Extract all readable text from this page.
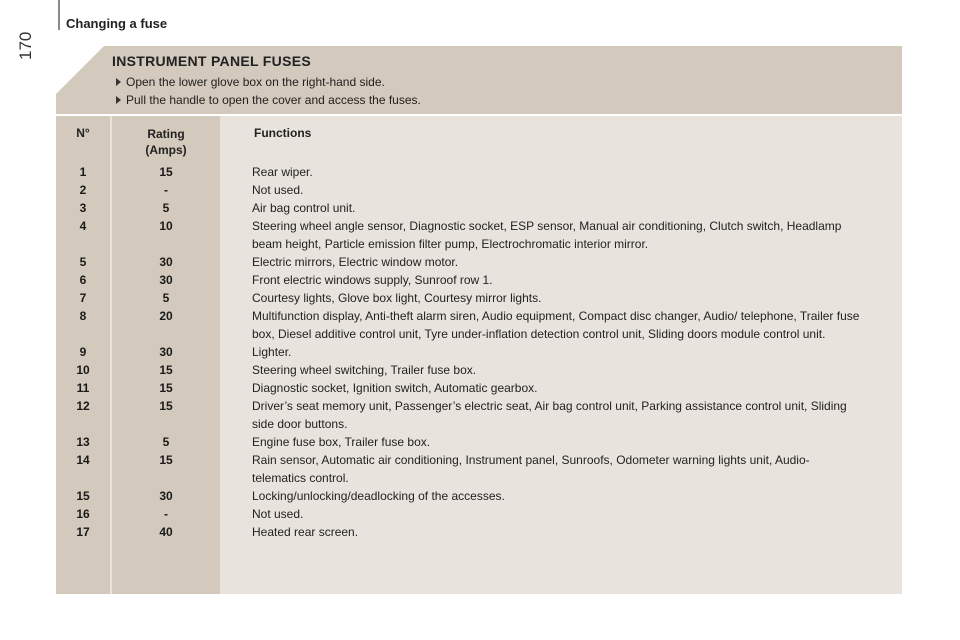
Changing a fuse
170
INSTRUMENT PANEL FUSES
Open the lower glove box on the right-hand side.
Pull the handle to open the cover and access the fuses.
N°	Rating
(Amps)
Functions
1	15	Rear wiper.
2	-	Not used.
3	5	Air bag control unit.
4	10	Steering wheel angle sensor, Diagnostic socket, ESP sensor, Manual air conditioning, Clutch switch, Headlamp beam height, Particle emission filter pump, Electrochromatic interior mirror.
5	30	Electric mirrors, Electric window motor.
6	30	Front electric windows supply, Sunroof row 1.
7	5	Courtesy lights, Glove box light, Courtesy mirror lights.
8	20	Multifunction display, Anti-theft alarm siren, Audio equipment, Compact disc changer, Audio/ telephone, Trailer fuse box, Diesel additive control unit, Tyre under-inflation detection control unit, Sliding doors module control unit.
9	30	Lighter.
10	15	Steering wheel switching, Trailer fuse box.
11	15	Diagnostic socket, Ignition switch, Automatic gearbox.
12	15	Driver’s seat memory unit, Passenger’s electric seat, Air bag control unit, Parking assistance control unit, Sliding side door buttons.
13	5	Engine fuse box, Trailer fuse box.
14	15	Rain sensor, Automatic air conditioning, Instrument panel, Sunroofs, Odometer warning lights unit, Audio-telematics control.
15	30	Locking/unlocking/deadlocking of the accesses.
16	-	Not used.
17	40	Heated rear screen.
